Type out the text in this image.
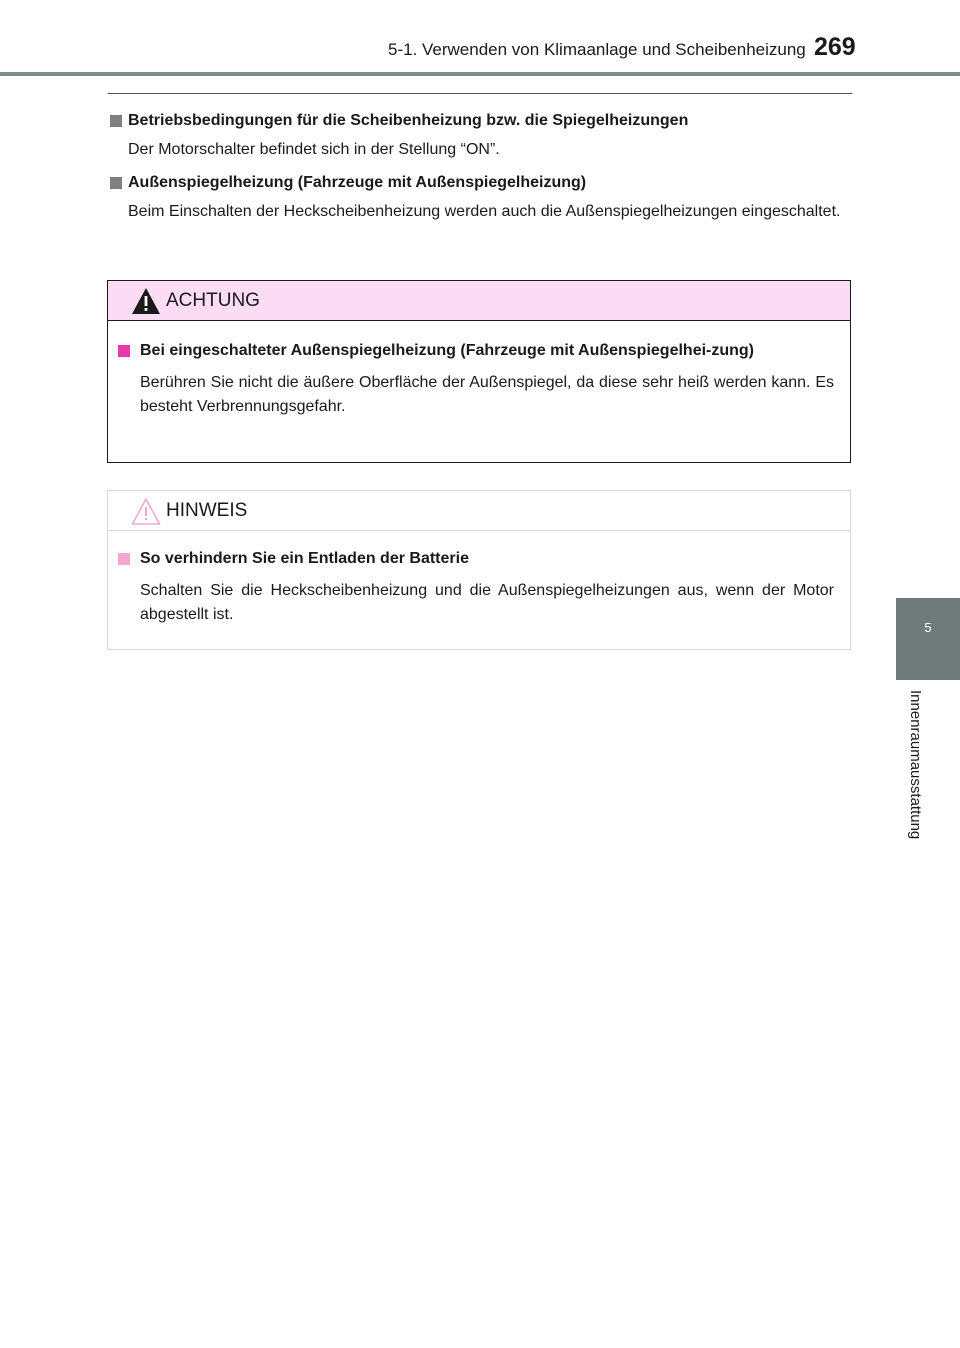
5-1. Verwenden von Klimaanlage und Scheibenheizung 269
5
Innenraumausstattung
Betriebsbedingungen für die Scheibenheizung bzw. die Spiegelheizungen
Der Motorschalter befindet sich in der Stellung “ON”.
Außenspiegelheizung (Fahrzeuge mit Außenspiegelheizung)
Beim Einschalten der Heckscheibenheizung werden auch die Außenspiegelheizungen eingeschaltet.
ACHTUNG
Bei eingeschalteter Außenspiegelheizung (Fahrzeuge mit Außenspiegelhei-zung)
Berühren Sie nicht die äußere Oberfläche der Außenspiegel, da diese sehr heiß werden kann. Es besteht Verbrennungsgefahr.
HINWEIS
So verhindern Sie ein Entladen der Batterie
Schalten Sie die Heckscheibenheizung und die Außenspiegelheizungen aus, wenn der Motor abgestellt ist.
